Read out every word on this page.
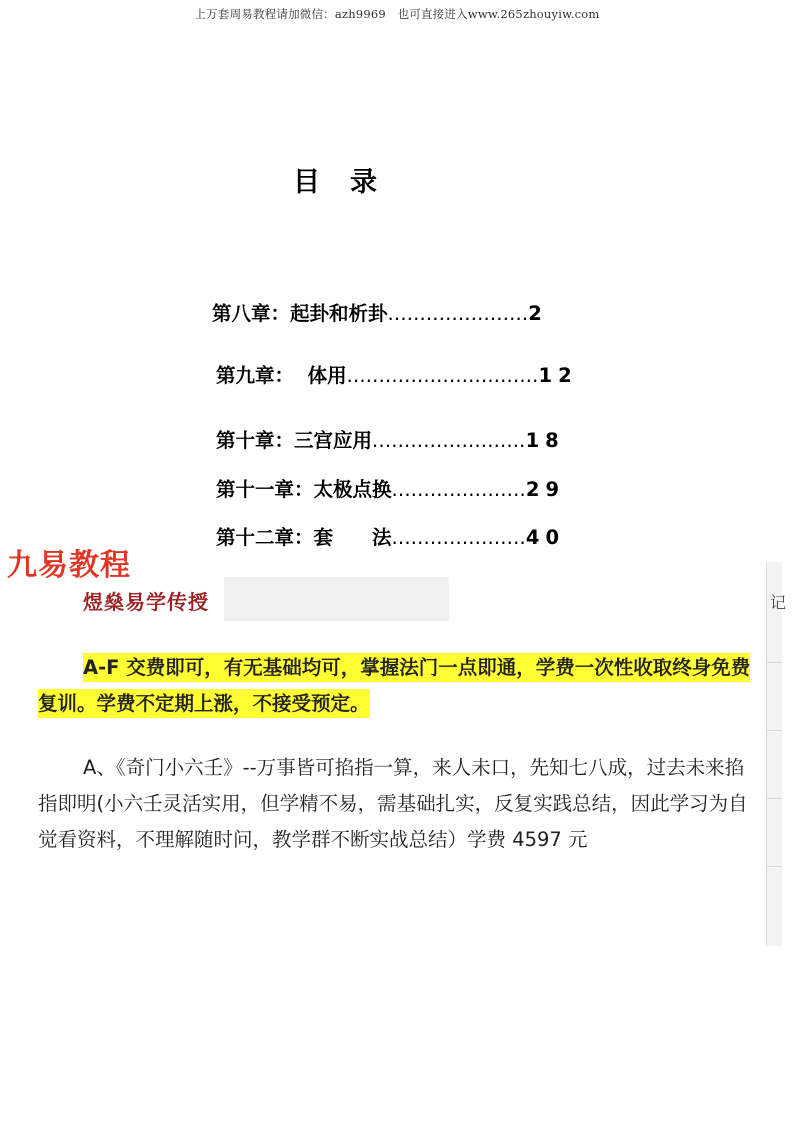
上万套周易教程请加微信：azh9969　也可直接进入www.265zhouyiw.com
目录
第八章：起卦和析卦 ...................... 2
第九章：  体用 .............................. 12
第十章：三宫应用 ........................ 18
第十一章：太极点换 ..................... 29
第十二章：套　　法 ..................... 40
煜燊易学传授	记
A-F 交费即可，有无基础均可，掌握法门一点即通，学费一次性收取终身免费复训。学费不定期上涨，不接受预定。
A、《奇门小六壬》--万事皆可掐指一算，来人未口，先知七八成，过去未来掐指即明(小六壬灵活实用，但学精不易，需基础扎实，反复实践总结，因此学习为自觉看资料，不理解随时问，教学群不断实战总结）学费 4597 元
九易教程
